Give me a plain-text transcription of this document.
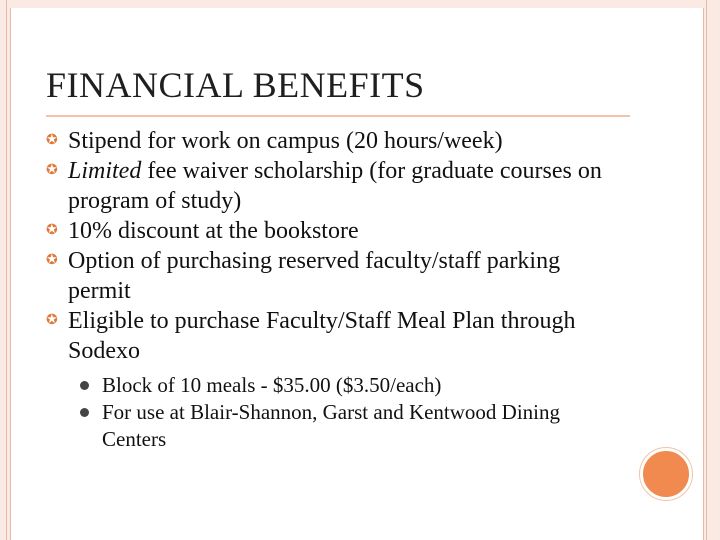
FINANCIAL BENEFITS
✪ Stipend for work on campus (20 hours/week)
✪ Limited fee waiver scholarship (for graduate courses on program of study)
✪ 10% discount at the bookstore
✪ Option of purchasing reserved faculty/staff parking permit
✪ Eligible to purchase Faculty/Staff Meal Plan through Sodexo
Block of 10 meals - $35.00 ($3.50/each)
For use at Blair-Shannon, Garst and Kentwood Dining Centers
